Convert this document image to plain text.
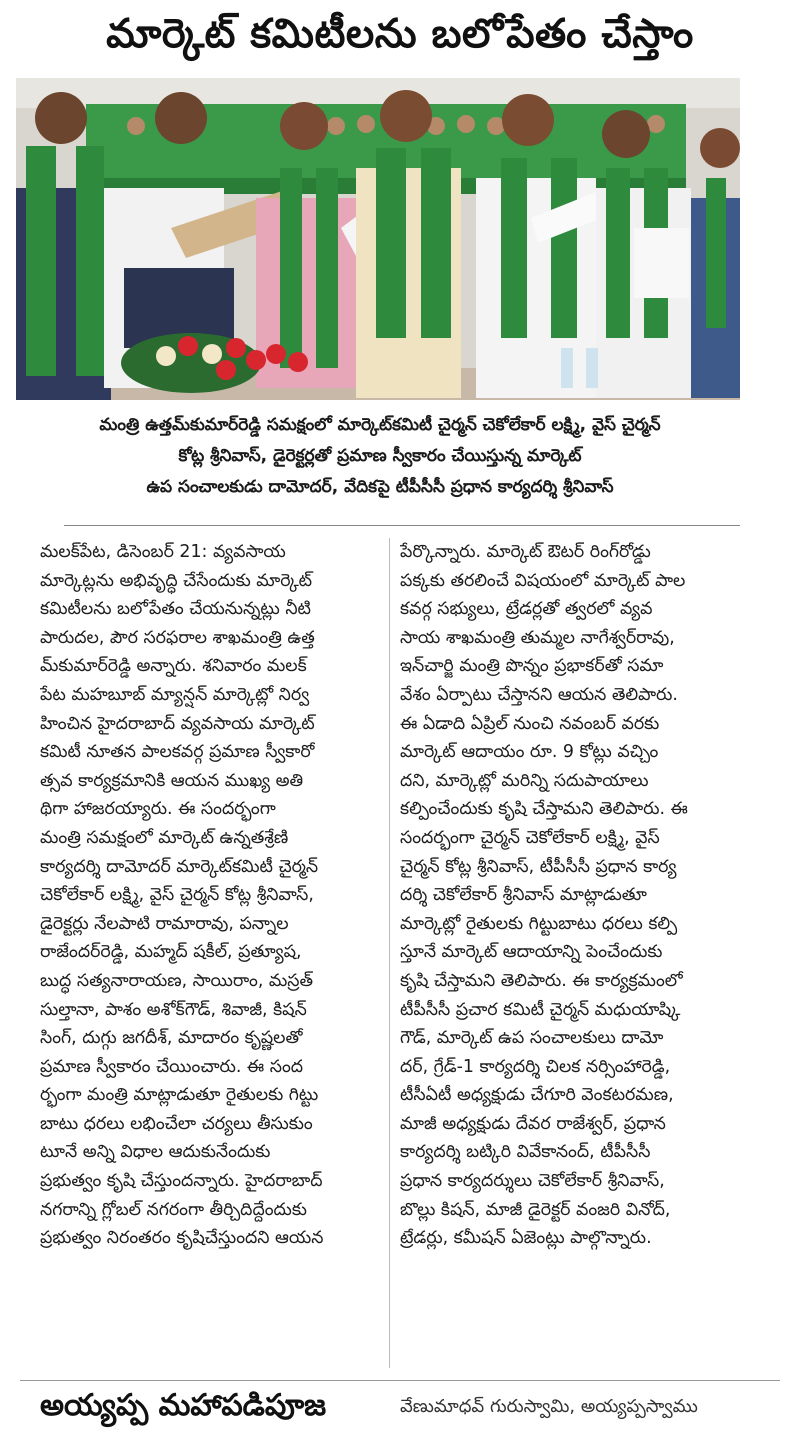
మార్కెట్ కమిటీలను బలోపేతం చేస్తాం
మంత్రి ఉత్తమ్‌కుమార్‌రెడ్డి సమక్షంలో మార్కెట్‌కమిటీ చైర్మన్ చెకోలేకార్ లక్ష్మి, వైస్ చైర్మన్
కోట్ల శ్రీనివాస్, డైరెక్టర్లతో ప్రమాణ స్వీకారం చేయిస్తున్న మార్కెట్
ఉప సంచాలకుడు దామోదర్, వేదికపై టీపీసీసీ ప్రధాన కార్యదర్శి శ్రీనివాస్
మలక్‌పేట, డిసెంబర్ 21: వ్యవసాయ
మార్కెట్లను అభివృద్ధి చేసేందుకు మార్కెట్
కమిటీలను బలోపేతం చేయనున్నట్లు నీటి
పారుదల, పౌర సరఫరాల శాఖమంత్రి ఉత్త
మ్‌కుమార్‌రెడ్డి అన్నారు. శనివారం మలక్
పేట మహబూబ్ మ్యాన్షన్ మార్కెట్లో నిర్వ
హించిన హైదరాబాద్ వ్యవసాయ మార్కెట్
కమిటీ నూతన పాలకవర్గ ప్రమాణ స్వీకారో
త్సవ కార్యక్రమానికి ఆయన ముఖ్య అతి
థిగా హాజరయ్యారు. ఈ సందర్భంగా
మంత్రి సమక్షంలో మార్కెట్ ఉన్నతశ్రేణి
కార్యదర్శి దామోదర్ మార్కెట్‌కమిటీ చైర్మన్
చెకోలేకార్ లక్ష్మి, వైస్ చైర్మన్ కోట్ల శ్రీనివాస్,
డైరెక్టర్లు నేలపాటి రామారావు, పన్నాల
రాజేందర్‌రెడ్డి, మహ్మద్ షకీల్, ప్రత్యూష,
బుద్ధ సత్యనారాయణ, సాయిరాం, మస్రత్
సుల్తానా, పాశం అశోక్‌గౌడ్, శివాజీ, కిషన్
సింగ్, దుగ్గు జగదీశ్, మాదారం కృష్ణలతో
ప్రమాణ స్వీకారం చేయించారు. ఈ సంద
ర్భంగా మంత్రి మాట్లాడుతూ రైతులకు గిట్టు
బాటు ధరలు లభించేలా చర్యలు తీసుకుం
టూనే అన్ని విధాల ఆదుకునేందుకు
ప్రభుత్వం కృషి చేస్తుందన్నారు. హైదరాబాద్
నగరాన్ని గ్లోబల్ నగరంగా తీర్చిదిద్దేందుకు
ప్రభుత్వం నిరంతరం కృషిచేస్తుందని ఆయన
పేర్కొన్నారు. మార్కెట్ ఔటర్ రింగ్‌రోడ్డు
పక్కకు తరలించే విషయంలో మార్కెట్ పాల
కవర్గ సభ్యులు, ట్రేడర్లతో త్వరలో వ్యవ
సాయ శాఖమంత్రి తుమ్మల నాగేశ్వర్‌రావు,
ఇన్‌చార్జి మంత్రి పొన్నం ప్రభాకర్‌తో సమా
వేశం ఏర్పాటు చేస్తానని ఆయన తెలిపారు.
ఈ ఏడాది ఏప్రిల్ నుంచి నవంబర్ వరకు
మార్కెట్ ఆదాయం రూ. 9 కోట్లు వచ్చిం
దని, మార్కెట్లో మరిన్ని సదుపాయాలు
కల్పించేందుకు కృషి చేస్తామని తెలిపారు. ఈ
సందర్భంగా చైర్మన్ చెకోలేకార్ లక్ష్మి, వైస్
చైర్మన్ కోట్ల శ్రీనివాస్, టీపీసీసీ ప్రధాన కార్య
దర్శి చెకోలేకార్ శ్రీనివాస్ మాట్లాడుతూ
మార్కెట్లో రైతులకు గిట్టుబాటు ధరలు కల్పి
స్తూనే మార్కెట్ ఆదాయాన్ని పెంచేందుకు
కృషి చేస్తామని తెలిపారు. ఈ కార్యక్రమంలో
టీపీసీసీ ప్రచార కమిటీ చైర్మన్ మధుయాష్కి
గౌడ్, మార్కెట్ ఉప సంచాలకులు దామో
దర్, గ్రేడ్-1 కార్యదర్శి చిలక నర్సింహారెడ్డి,
టీసీఏటీ అధ్యక్షుడు చేగూరి వెంకటరమణ,
మాజీ అధ్యక్షుడు దేవర రాజేశ్వర్, ప్రధాన
కార్యదర్శి బట్కిరి వివేకానంద్, టీపీసీసీ
ప్రధాన కార్యదర్శులు చెకోలేకార్ శ్రీనివాస్,
బొల్లు కిషన్, మాజీ డైరెక్టర్ వంజరి వినోద్,
ట్రేడర్లు, కమీషన్ ఏజెంట్లు పాల్గొన్నారు.
అయ్యప్ప మహాపడిపూజ	వేణుమాధవ్ గురుస్వామి, అయ్యప్పస్వాము
